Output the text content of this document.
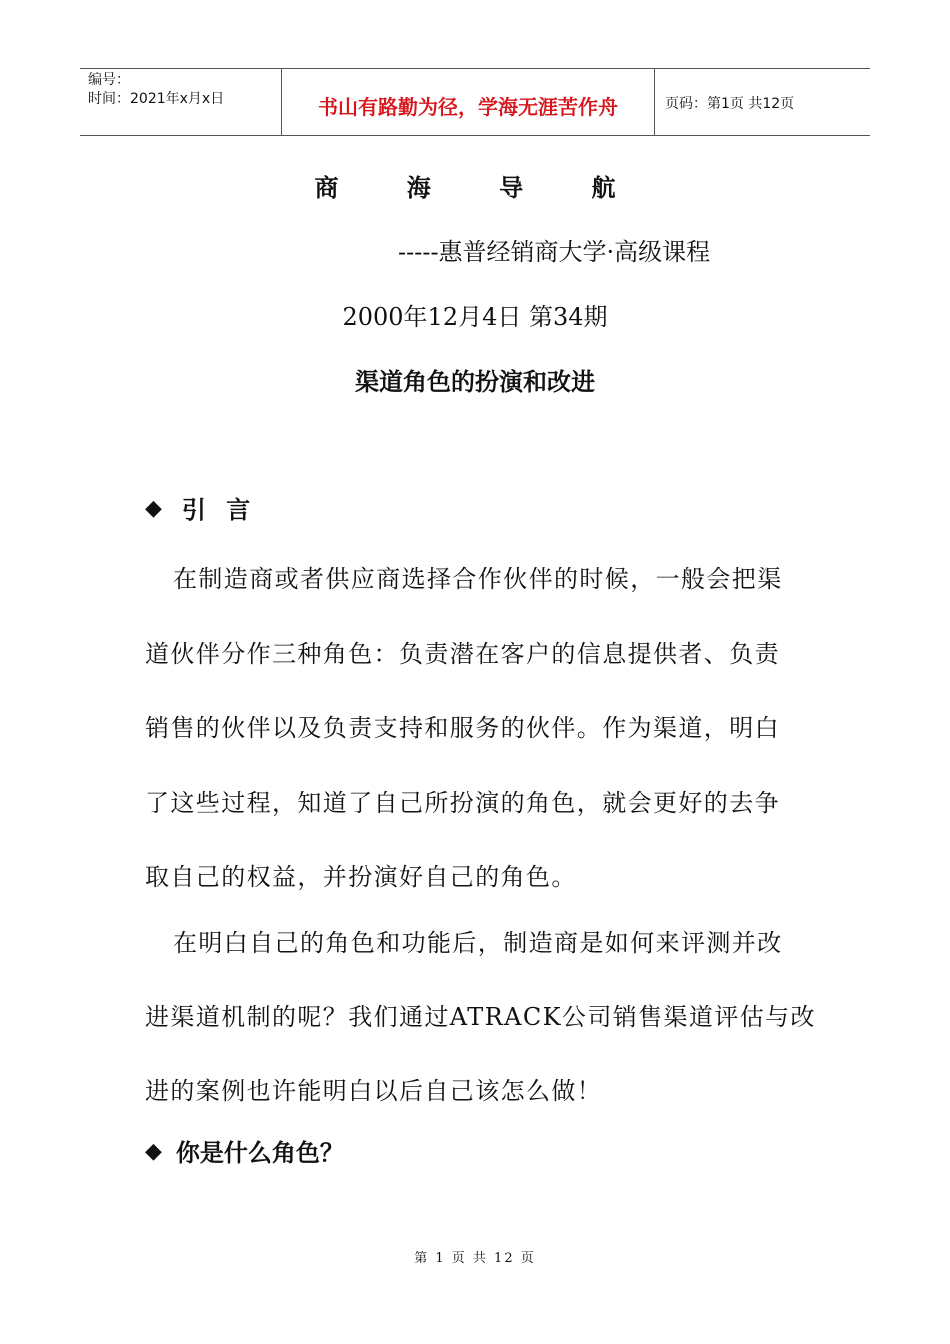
编号：
时间：2021年x月x日	书山有路勤为径，学海无涯苦作舟	页码：第1页 共12页
商 海 导 航
-----惠普经销商大学·高级课程
2000年12月4日 第34期
渠道角色的扮演和改进
◆ 引 言
在制造商或者供应商选择合作伙伴的时候，一般会把渠
道伙伴分作三种角色：负责潜在客户的信息提供者、负责
销售的伙伴以及负责支持和服务的伙伴。作为渠道，明白
了这些过程，知道了自己所扮演的角色，就会更好的去争
取自己的权益，并扮演好自己的角色。
在明白自己的角色和功能后，制造商是如何来评测并改
进渠道机制的呢？我们通过ATRACK公司销售渠道评估与改
进的案例也许能明白以后自己该怎么做！
◆ 你是什么角色？
第 1 页 共 12 页
